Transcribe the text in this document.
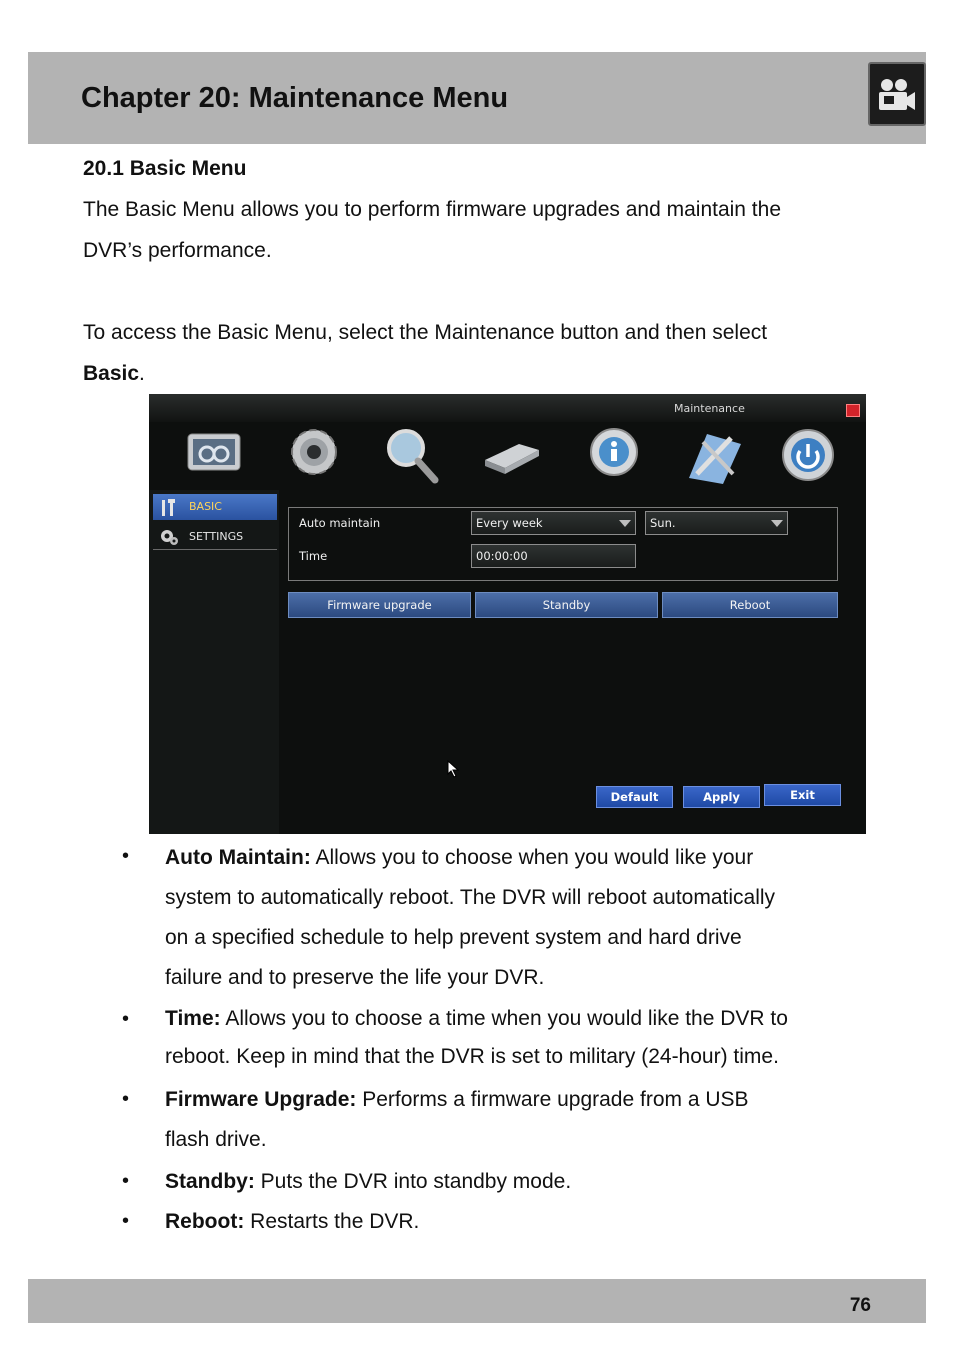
Chapter 20: Maintenance Menu
20.1 Basic Menu
The Basic Menu allows you to perform firmware upgrades and maintain the
DVR’s performance.
To access the Basic Menu, select the Maintenance button and then select
Basic.
Maintenance
BASIC
SETTINGS
Auto maintain	Every week	Sun.
Time	00:00:00
Firmware upgrade	Standby	Reboot
Default	Apply	Exit
• Auto Maintain: Allows you to choose when you would like your
system to automatically reboot. The DVR will reboot automatically
on a specified schedule to help prevent system and hard drive
failure and to preserve the life your DVR.
• Time: Allows you to choose a time when you would like the DVR to
reboot. Keep in mind that the DVR is set to military (24-hour) time.
• Firmware Upgrade: Performs a firmware upgrade from a USB
flash drive.
• Standby: Puts the DVR into standby mode.
• Reboot: Restarts the DVR.
76
